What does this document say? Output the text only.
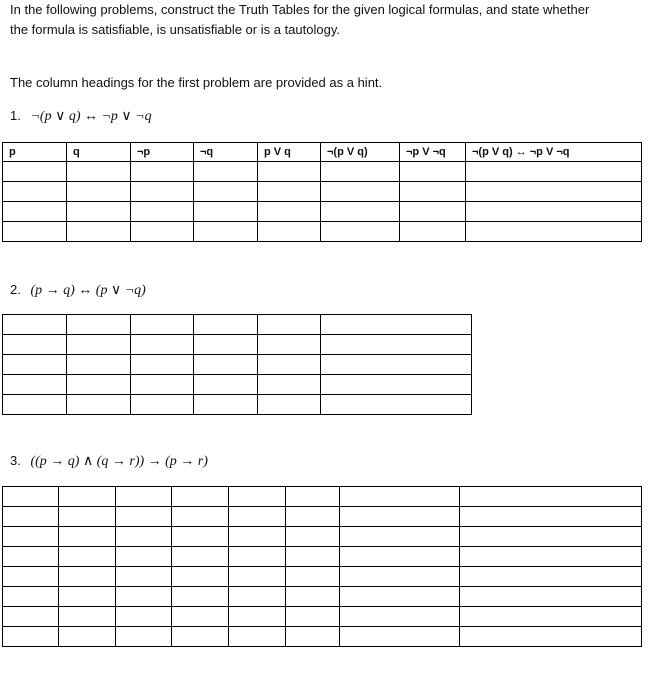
In the following problems, construct the Truth Tables for the given logical formulas, and state whether
the formula is satisfiable, is unsatisfiable or is a tautology.
The column headings for the first problem are provided as a hint.
1. ¬(p ∨ q) ↔ ¬p ∨ ¬q
p	q	¬p	¬q	p V q	¬(p V q)	¬p V ¬q	¬(p V q) ↔ ¬p V ¬q

2. (p → q) ↔ (p ∨ ¬q)

3. ((p → q) ∧ (q → r)) → (p → r)
